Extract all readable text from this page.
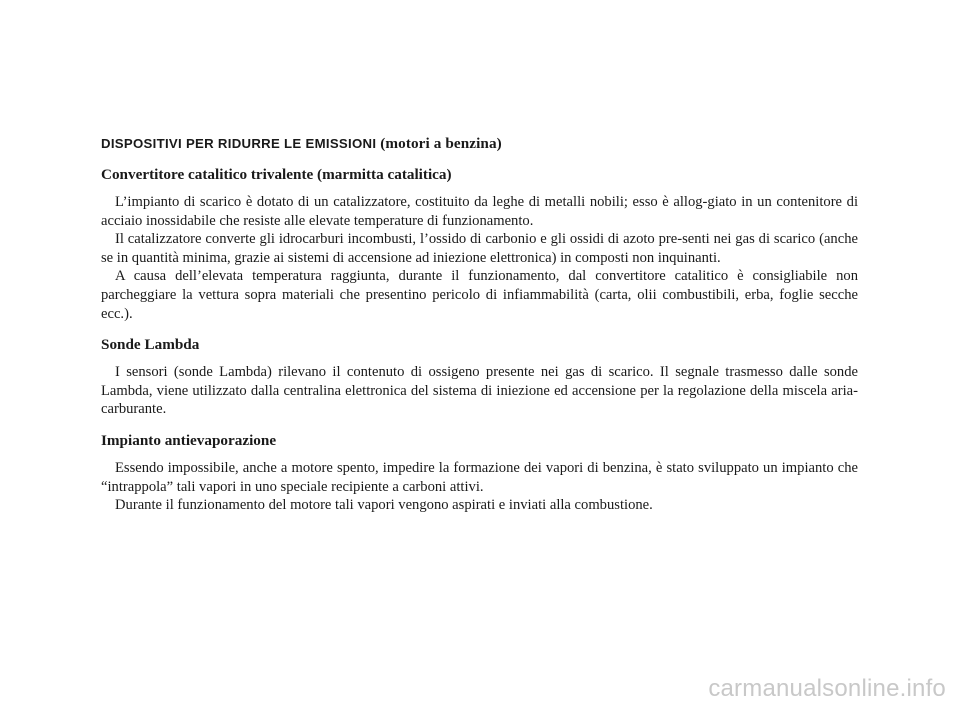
DISPOSITIVI PER RIDURRE LE EMISSIONI (motori a benzina)
Convertitore catalitico trivalente (marmitta catalitica)

L’impianto di scarico è dotato di un catalizzatore, costituito da leghe di metalli nobili; esso è allog-giato in un contenitore di acciaio inossidabile che resiste alle elevate temperature di funzionamento.

Il catalizzatore converte gli idrocarburi incombusti, l’ossido di carbonio e gli ossidi di azoto pre-senti nei gas di scarico (anche se in quantità minima, grazie ai sistemi di accensione ad iniezione elettronica) in composti non inquinanti.

A causa dell’elevata temperatura raggiunta, durante il funzionamento, dal convertitore catalitico è consigliabile non parcheggiare la vettura sopra materiali che presentino pericolo di infiammabilità (carta, olii combustibili, erba, foglie secche ecc.).

Sonde Lambda

I sensori (sonde Lambda) rilevano il contenuto di ossigeno presente nei gas di scarico. Il segnale trasmesso dalle sonde Lambda, viene utilizzato dalla centralina elettronica del sistema di iniezione ed accensione per la regolazione della miscela aria-carburante.

Impianto antievaporazione

Essendo impossibile, anche a motore spento, impedire la formazione dei vapori di benzina, è stato sviluppato un impianto che “intrappola” tali vapori in uno speciale recipiente a carboni attivi.

Durante il funzionamento del motore tali vapori vengono aspirati e inviati alla combustione.

carmanualsonline.info
